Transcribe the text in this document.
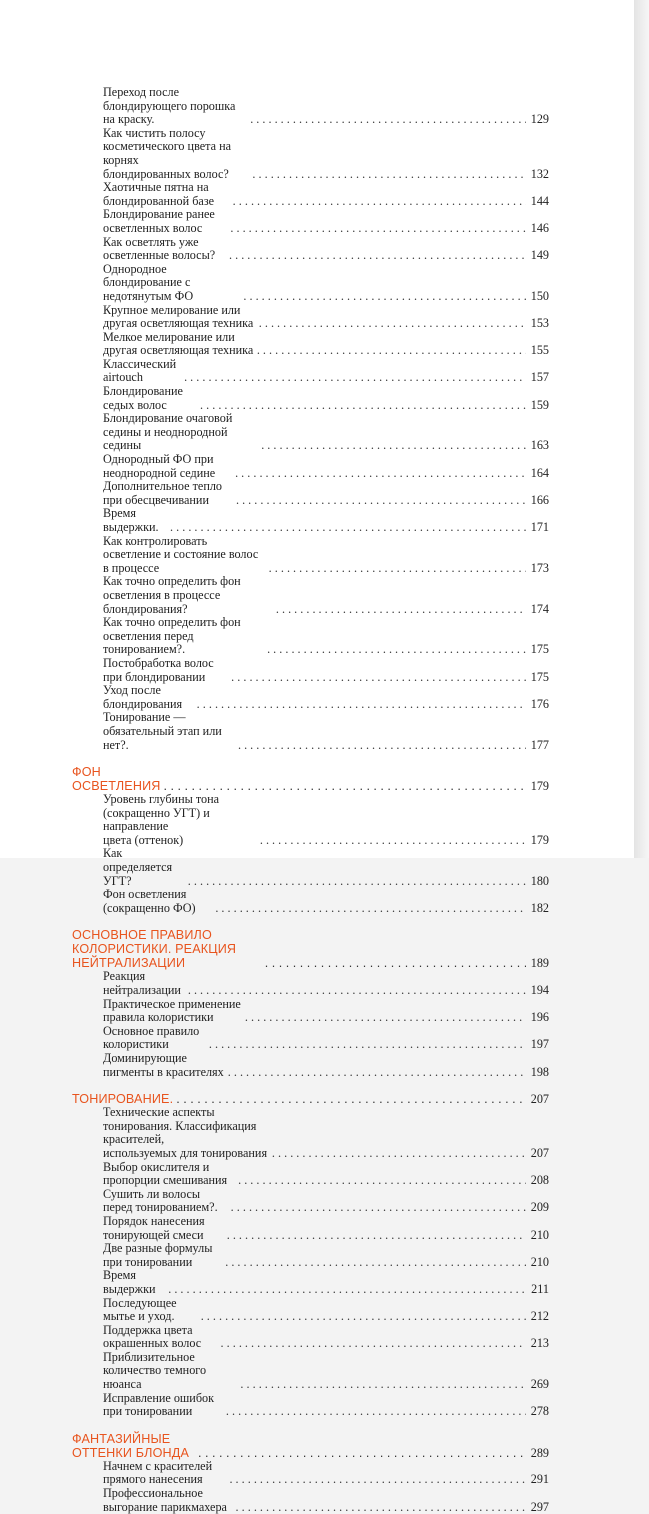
Переход после блондирующего порошка на краску. . . .	129
Как чистить полосу косметического цвета на корнях
блондированных волос? . . .	132
Хаотичные пятна на блондированной базе . . .	144
Блондирование ранее осветленных волос . . .	146
Как осветлять уже осветленные волосы? . . .	149
Однородное блондирование с недотянутым ФО . . .	150
Крупное мелирование или другая осветляющая техника . . .	153
Мелкое мелирование или другая осветляющая техника . . .	155
Классический airtouch . . .	157
Блондирование седых волос . . .	159
Блондирование очаговой седины и неоднородной седины . . .	163
Однородный ФО при неоднородной седине . . .	164
Дополнительное тепло при обесцвечивании . . .	166
Время выдержки. . . .	171
Как контролировать осветление и состояние волос в процессе . . .	173
Как точно определить фон осветления в процессе блондирования? . . .	174
Как точно определить фон осветления перед тонированием?. . . .	175
Постобработка волос при блондировании . . .	175
Уход после блондирования . . .	176
Тонирование — обязательный этап или нет?. . . .	177
ФОН ОСВЕТЛЕНИЯ . . .	179
Уровень глубины тона (сокращенно УГТ) и направление
цвета (оттенок) . . .	179
Как определяется УГТ? . . .	180
Фон осветления (сокращенно ФО) . . .	182
ОСНОВНОЕ ПРАВИЛО КОЛОРИСТИКИ. РЕАКЦИЯ НЕЙТРАЛИЗАЦИИ . . .	189
Реакция нейтрализации . . .	194
Практическое применение правила колористики . . .	196
Основное правило колористики . . .	197
Доминирующие пигменты в красителях . . .	198
ТОНИРОВАНИЕ. . . .	207
Технические аспекты тонирования. Классификация красителей,
используемых для тонирования . . .	207
Выбор окислителя и пропорции смешивания . . .	208
Сушить ли волосы перед тонированием?. . . .	209
Порядок нанесения тонирующей смеси . . .	210
Две разные формулы при тонировании . . .	210
Время выдержки . . .	211
Последующее мытье и уход. . . .	212
Поддержка цвета окрашенных волос . . .	213
Приблизительное количество темного нюанса . . .	269
Исправление ошибок при тонировании . . .	278
ФАНТАЗИЙНЫЕ ОТТЕНКИ БЛОНДА . . .	289
Начнем с красителей прямого нанесения . . .	291
Профессиональное выгорание парикмахера . . .	297
